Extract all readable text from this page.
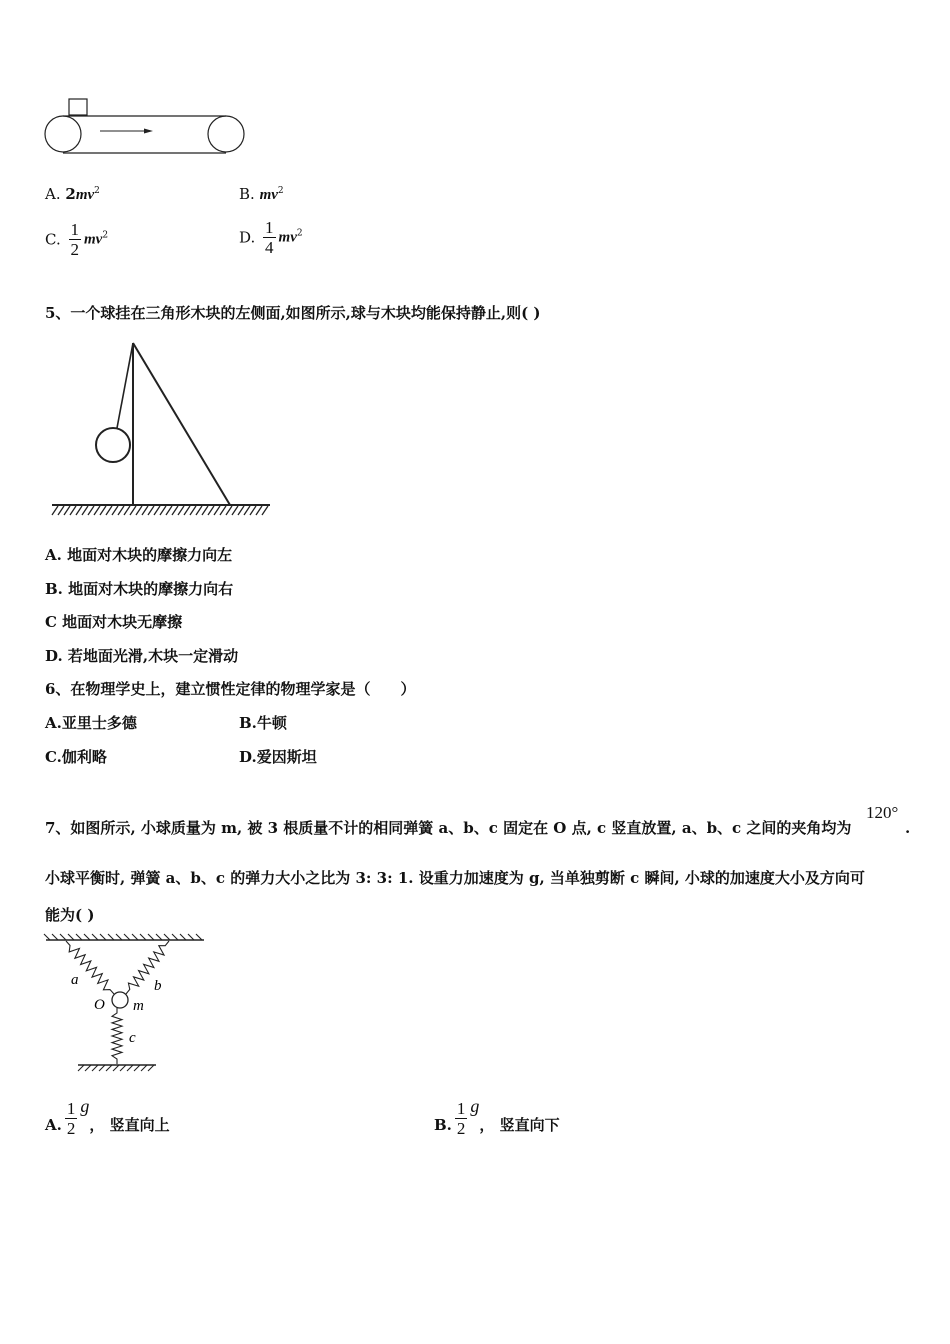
A. $2mv^2$	B. $mv^2$
C. $\frac{1}{2} mv^2$	D. $\frac{1}{4} mv^2$
5、一个球挂在三角形木块的左侧面,如图所示,球与木块均能保持静止,则( )
A. 地面对木块的摩擦力向左
B. 地面对木块的摩擦力向右
C 地面对木块无摩擦
D. 若地面光滑,木块一定滑动
6、在物理学史上，建立惯性定律的物理学家是（　　）
A.亚里士多德	B.牛顿
C.伽利略	D.爱因斯坦
7、如图所示, 小球质量为 m, 被 3 根质量不计的相同弹簧 a、b、c 固定在 O 点, c 竖直放置, a、b、c 之间的夹角均为
120°
.
小球平衡时, 弹簧 a、b、c 的弹力大小之比为 3: 3: 1. 设重力加速度为 g, 当单独剪断 c 瞬间, 小球的加速度大小及方向可
能为( )
a	b
O m
c
A. $\frac{1}{2}$ g， 竖直向上	B. $\frac{1}{2}$ g， 竖直向下
